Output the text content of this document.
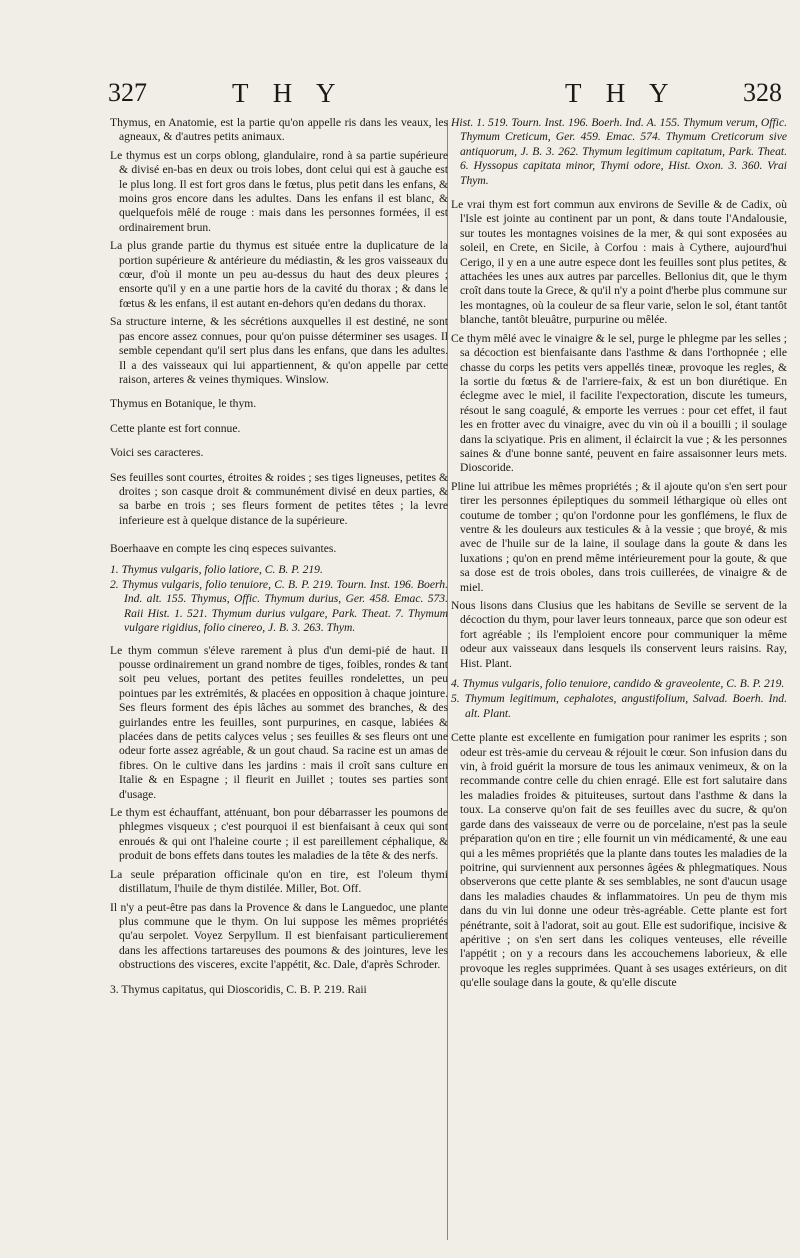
327	T H Y	T H Y	328

Thymus, en Anatomie, est la partie qu'on appelle ris dans les veaux, les agneaux, & d'autres petits animaux.

Le thymus est un corps oblong, glandulaire, rond à sa partie supérieure & divisé en-bas en deux ou trois lobes, dont celui qui est à gauche est le plus long. Il est fort gros dans le fœtus, plus petit dans les enfans, & moins gros encore dans les adultes. Dans les enfans il est blanc, & quelquefois mêlé de rouge : mais dans les personnes formées, il est ordinairement brun.

La plus grande partie du thymus est située entre la duplicature de la portion supérieure & antérieure du médiastin, & les gros vaisseaux du cœur, d'où il monte un peu au-dessus du haut des deux pleures ; ensorte qu'il y en a une partie hors de la cavité du thorax ; & dans le fœtus & les enfans, il est autant en-dehors qu'en dedans du thorax.

Sa structure interne, & les sécrétions auxquelles il est destiné, ne sont pas encore assez connues, pour qu'on puisse déterminer ses usages. Il semble cependant qu'il sert plus dans les enfans, que dans les adultes. Il a des vaisseaux qui lui appartiennent, & qu'on appelle par cette raison, arteres & veines thymiques. Winslow.

Thymus en Botanique, le thym.

Cette plante est fort connue.

Voici ses caracteres.

Ses feuilles sont courtes, étroites & roides ; ses tiges ligneuses, petites & droites ; son casque droit & communément divisé en deux parties, & sa barbe en trois ; ses fleurs forment de petites têtes ; la levre inferieure est à quelque distance de la supérieure.

Boerhaave en compte les cinq especes suivantes.

1. Thymus vulgaris, folio latiore, C. B. P. 219.
2. Thymus vulgaris, folio tenuiore, C. B. P. 219. Tourn. Inst. 196. Boerh. Ind. alt. 155. Thymus, Offic. Thymum durius, Ger. 458. Emac. 573. Raii Hist. 1. 521. Thymum durius vulgare, Park. Theat. 7. Thymum vulgare rigidius, folio cinereo, J. B. 3. 263. Thym.

Le thym commun s'éleve rarement à plus d'un demi-pié de haut. Il pousse ordinairement un grand nombre de tiges, foibles, rondes & tant soit peu velues, portant des petites feuilles rondelettes, un peu pointues par les extrémités, & placées en opposition à chaque jointure. Ses fleurs forment des épis lâches au sommet des branches, & des guirlandes entre les feuilles, sont purpurines, en casque, labiées & placées dans de petits calyces velus ; ses feuilles & ses fleurs ont une odeur forte assez agréable, & un gout chaud. Sa racine est un amas de fibres. On le cultive dans les jardins : mais il croît sans culture en Italie & en Espagne ; il fleurit en Juillet ; toutes ses parties sont d'usage.

Le thym est échauffant, atténuant, bon pour débarrasser les poumons de phlegmes visqueux ; c'est pourquoi il est bienfaisant à ceux qui sont enroués & qui ont l'haleine courte ; il est pareillement céphalique, & produit de bons effets dans toutes les maladies de la tête & des nerfs.

La seule préparation officinale qu'on en tire, est l'oleum thymi distillatum, l'huile de thym distilée. Miller, Bot. Off.

Il n'y a peut-être pas dans la Provence & dans le Languedoc, une plante plus commune que le thym. On lui suppose les mêmes propriétés qu'au serpolet. Voyez Serpyllum. Il est bienfaisant particulierement dans les affections tartareuses des poumons & des jointures, leve les obstructions des visceres, excite l'appétit, &c. Dale, d'après Schroder.

3. Thymus capitatus, qui Dioscoridis, C. B. P. 219. Raii

Hist. 1. 519. Tourn. Inst. 196. Boerh. Ind. A. 155. Thymum verum, Offic. Thymum Creticum, Ger. 459. Emac. 574. Thymum Creticorum sive antiquorum, J. B. 3. 262. Thymum legitimum capitatum, Park. Theat. 6. Hyssopus capitata minor, Thymi odore, Hist. Oxon. 3. 360. Vrai Thym.

Le vrai thym est fort commun aux environs de Seville & de Cadix, où l'Isle est jointe au continent par un pont, & dans toute l'Andalousie, sur toutes les montagnes voisines de la mer, & qui sont exposées au soleil, en Crete, en Sicile, à Corfou : mais à Cythere, aujourd'hui Cerigo, il y en a une autre espece dont les feuilles sont plus petites, & attachées les unes aux autres par parcelles. Bellonius dit, que le thym croît dans toute la Grece, & qu'il n'y a point d'herbe plus commune sur les montagnes, où la couleur de sa fleur varie, selon le sol, étant tantôt blanche, tantôt bleuâtre, purpurine ou mêlée.

Ce thym mêlé avec le vinaigre & le sel, purge le phlegme par les selles ; sa décoction est bienfaisante dans l'asthme & dans l'orthopnée ; elle chasse du corps les petits vers appellés tineæ, provoque les regles, & la sortie du fœtus & de l'arriere-faix, & est un bon diurétique. En éclegme avec le miel, il facilite l'expectoration, discute les tumeurs, résout le sang coagulé, & emporte les verrues : pour cet effet, il faut les en frotter avec du vinaigre, avec du vin où il a bouilli ; il soulage dans la sciyatique. Pris en aliment, il éclaircit la vue ; & les personnes saines & d'une bonne santé, peuvent en faire assaisonner leurs mets. Dioscoride.

Pline lui attribue les mêmes propriétés ; & il ajoute qu'on s'en sert pour tirer les personnes épileptiques du sommeil léthargique où elles ont coutume de tomber ; qu'on l'ordonne pour les gonflémens, le flux de ventre & les douleurs aux testicules & à la vessie ; que broyé, & mis avec de l'huile sur de la laine, il soulage dans la goute & dans les luxations ; qu'on en prend même intérieurement pour la goute, & que sa dose est de trois oboles, dans trois cuillerées, de vinaigre & de miel.

Nous lisons dans Clusius que les habitans de Seville se servent de la décoction du thym, pour laver leurs tonneaux, parce que son odeur est fort agréable ; ils l'emploient encore pour communiquer la même odeur aux vaisseaux dans lesquels ils conservent leurs raisins. Ray, Hist. Plant.

4. Thymus vulgaris, folio tenuiore, candido & graveolente, C. B. P. 219.
5. Thymum legitimum, cephalotes, angustifolium, Salvad. Boerh. Ind. alt. Plant.

Cette plante est excellente en fumigation pour ranimer les esprits ; son odeur est très-amie du cerveau & réjouit le cœur. Son infusion dans du vin, à froid guérit la morsure de tous les animaux venimeux, & on la recommande contre celle du chien enragé. Elle est fort salutaire dans les maladies froides & pituiteuses, surtout dans l'asthme & dans la toux. La conserve qu'on fait de ses feuilles avec du sucre, & qu'on garde dans des vaisseaux de verre ou de porcelaine, n'est pas la seule préparation qu'on en tire ; elle fournit un vin médicamenté, & une eau qui a les mêmes propriétés que la plante dans toutes les maladies de la poitrine, qui surviennent aux personnes âgées & phlegmatiques. Nous observerons que cette plante & ses semblables, ne sont d'aucun usage dans les maladies chaudes & inflammatoires. Un peu de thym mis dans du vin lui donne une odeur très-agréable. Cette plante est fort pénétrante, soit à l'adorat, soit au gout. Elle est sudorifique, incisive & apéritive ; on s'en sert dans les coliques venteuses, elle réveille l'appétit ; on y a recours dans les accouchemens laborieux, & elle provoque les regles supprimées. Quant à ses usages extérieurs, on dit qu'elle soulage dans la goute, & qu'elle discute
